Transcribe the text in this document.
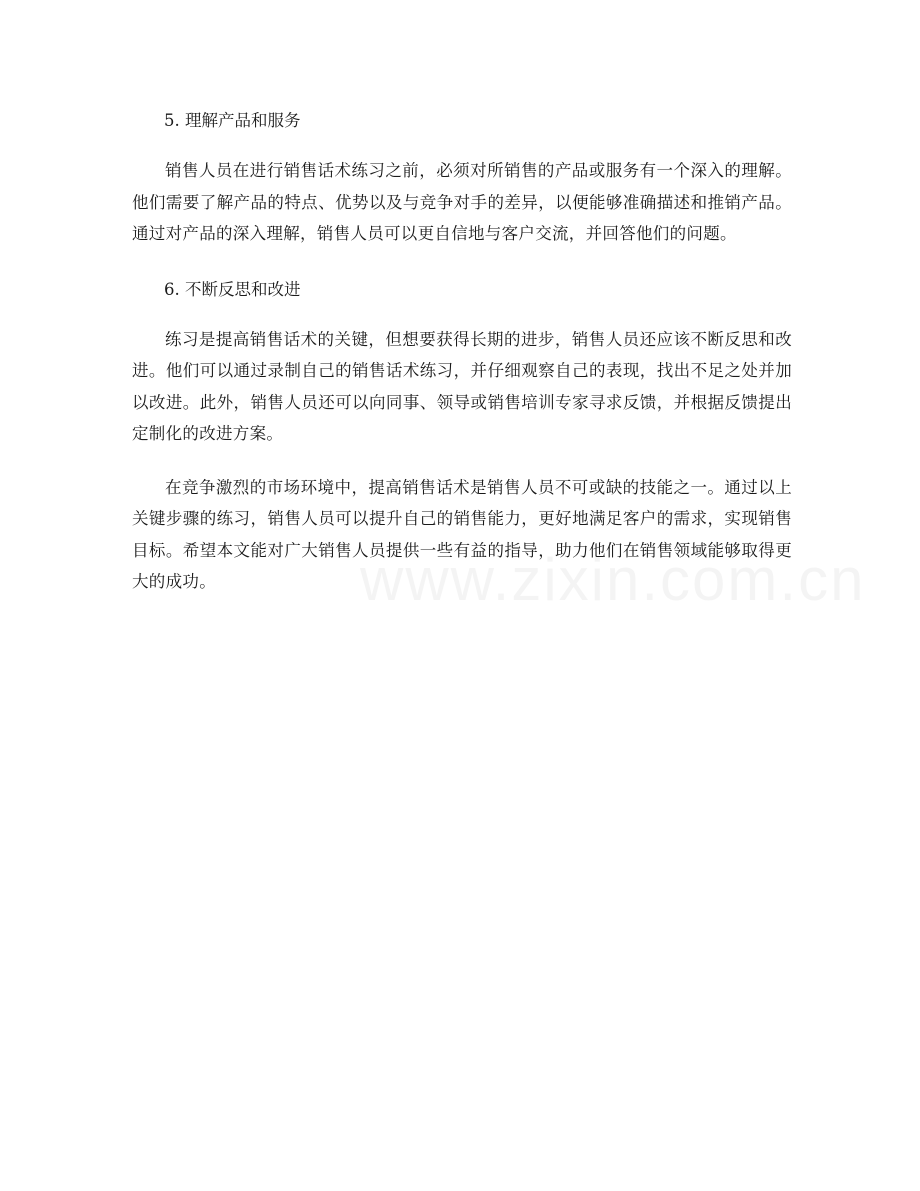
5. 理解产品和服务

销售人员在进行销售话术练习之前，必须对所销售的产品或服务有一个深入的理解。他们需要了解产品的特点、优势以及与竞争对手的差异，以便能够准确描述和推销产品。通过对产品的深入理解，销售人员可以更自信地与客户交流，并回答他们的问题。

6. 不断反思和改进

练习是提高销售话术的关键，但想要获得长期的进步，销售人员还应该不断反思和改进。他们可以通过录制自己的销售话术练习，并仔细观察自己的表现，找出不足之处并加以改进。此外，销售人员还可以向同事、领导或销售培训专家寻求反馈，并根据反馈提出定制化的改进方案。

在竞争激烈的市场环境中，提高销售话术是销售人员不可或缺的技能之一。通过以上关键步骤的练习，销售人员可以提升自己的销售能力，更好地满足客户的需求，实现销售目标。希望本文能对广大销售人员提供一些有益的指导，助力他们在销售领域能够取得更大的成功。
